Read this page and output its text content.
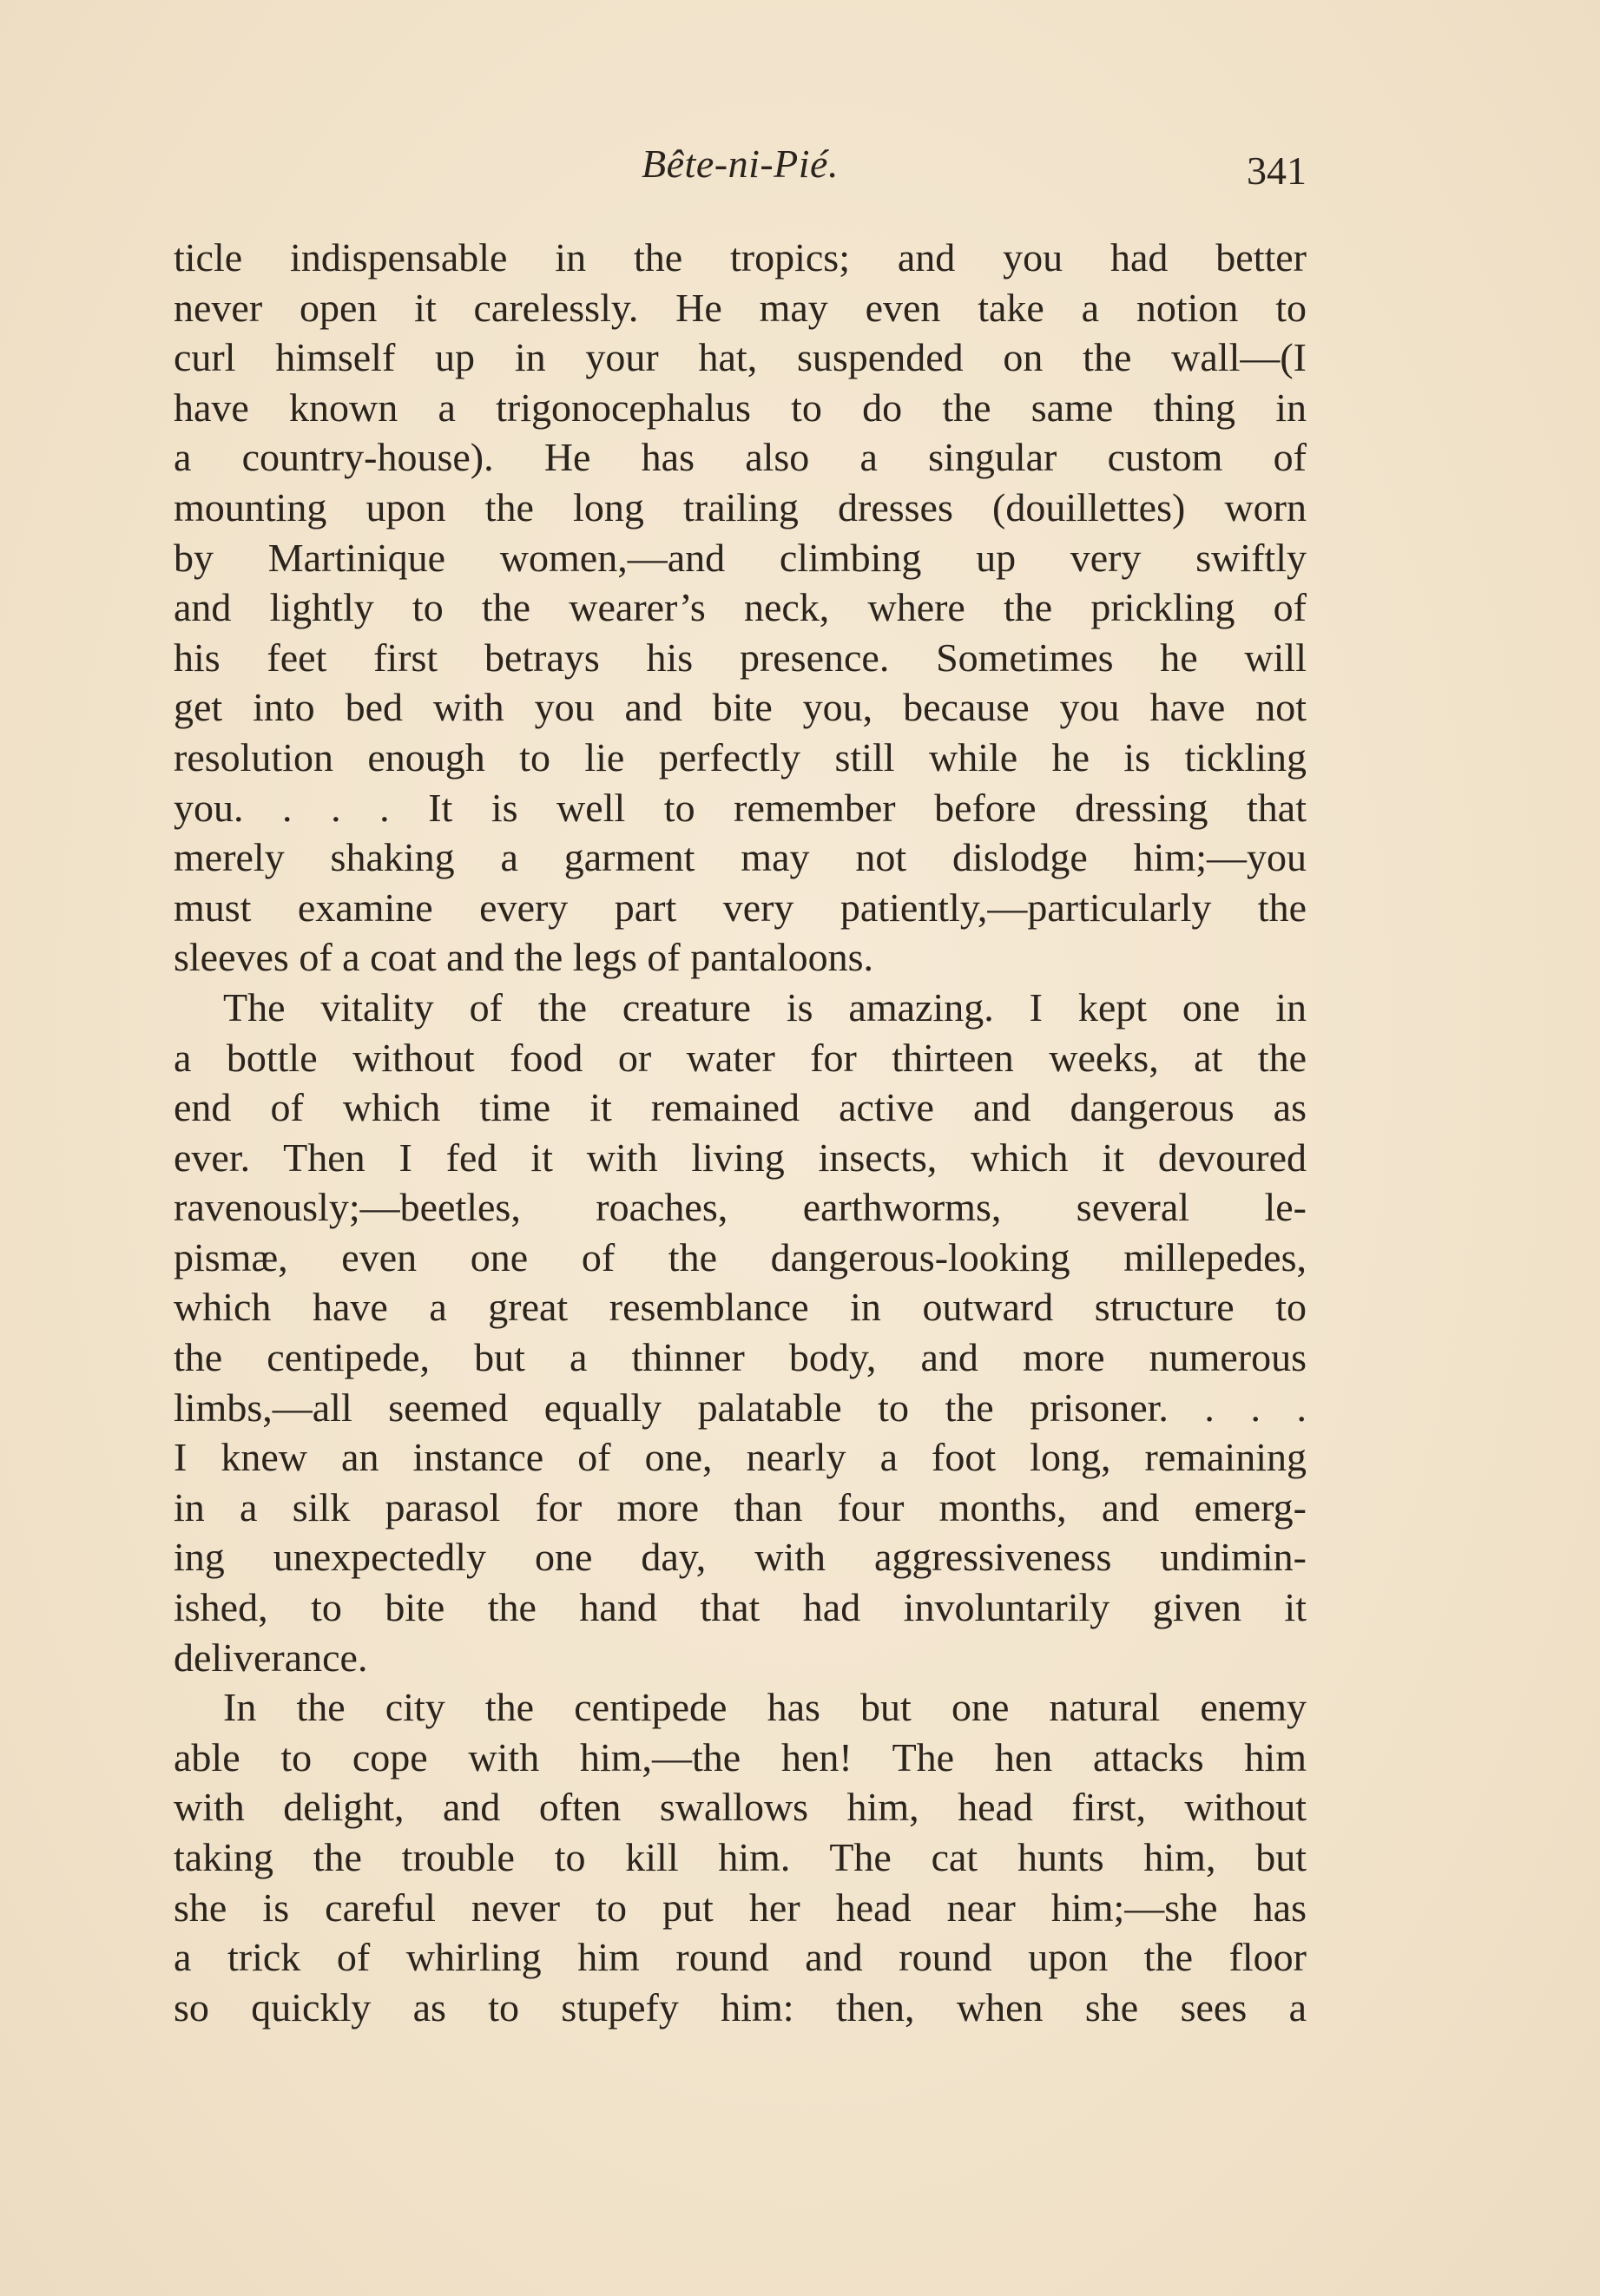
Bête-ni-Pié.	341
ticle indispensable in the tropics; and you had better
never open it carelessly. He may even take a notion to
curl himself up in your hat, suspended on the wall—(I
have known a trigonocephalus to do the same thing in
a country-house). He has also a singular custom of
mounting upon the long trailing dresses (douillettes) worn
by Martinique women,—and climbing up very swiftly
and lightly to the wearer’s neck, where the prickling of
his feet first betrays his presence. Sometimes he will
get into bed with you and bite you, because you have not
resolution enough to lie perfectly still while he is tickling
you. . . . It is well to remember before dressing that
merely shaking a garment may not dislodge him;—you
must examine every part very patiently,—particularly the
sleeves of a coat and the legs of pantaloons.
The vitality of the creature is amazing. I kept one in
a bottle without food or water for thirteen weeks, at the
end of which time it remained active and dangerous as
ever. Then I fed it with living insects, which it devoured
ravenously;—beetles, roaches, earthworms, several le-
pismæ, even one of the dangerous-looking millepedes,
which have a great resemblance in outward structure to
the centipede, but a thinner body, and more numerous
limbs,—all seemed equally palatable to the prisoner. . . .
I knew an instance of one, nearly a foot long, remaining
in a silk parasol for more than four months, and emerg-
ing unexpectedly one day, with aggressiveness undimin-
ished, to bite the hand that had involuntarily given it
deliverance.
In the city the centipede has but one natural enemy
able to cope with him,—the hen! The hen attacks him
with delight, and often swallows him, head first, without
taking the trouble to kill him. The cat hunts him, but
she is careful never to put her head near him;—she has
a trick of whirling him round and round upon the floor
so quickly as to stupefy him: then, when she sees a
